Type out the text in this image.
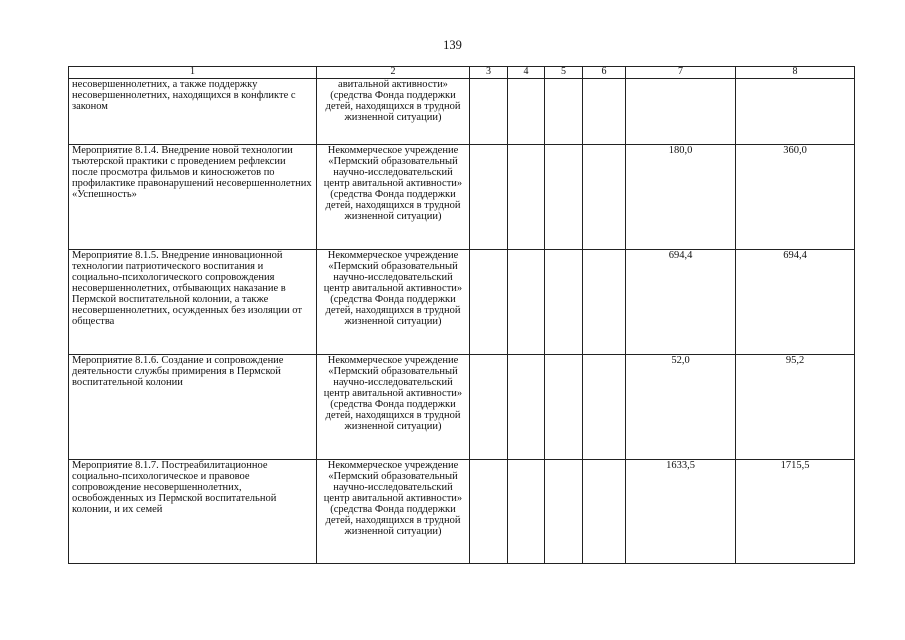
139
1	2	3	4	5	6	7	8
несовершеннолетних, а также поддержку несовершеннолетних, находящихся в конфликте с законом	авитальной активности» (средства Фонда поддержки детей, находящихся в трудной жизненной ситуации)						
Мероприятие 8.1.4. Внедрение новой технологии тьютерской практики с проведением рефлексии после просмотра фильмов и киносюжетов по профилактике правонарушений несовершеннолетних «Успешность»	Некоммерческое учреждение «Пермский образовательный научно-исследовательский центр авитальной активности» (средства Фонда поддержки детей, находящихся в трудной жизненной ситуации)					180,0	360,0
Мероприятие 8.1.5. Внедрение инновационной технологии патриотического воспитания и социально-психологического сопровождения несовершеннолетних, отбывающих наказание в Пермской воспитательной колонии, а также несовершеннолетних, осужденных без изоляции от общества	Некоммерческое учреждение «Пермский образовательный научно-исследовательский центр авитальной активности» (средства Фонда поддержки детей, находящихся в трудной жизненной ситуации)					694,4	694,4
Мероприятие 8.1.6. Создание и сопровождение деятельности службы примирения в Пермской воспитательной колонии	Некоммерческое учреждение «Пермский образовательный научно-исследовательский центр авитальной активности» (средства Фонда поддержки детей, находящихся в трудной жизненной ситуации)					52,0	95,2
Мероприятие 8.1.7. Постреабилитационное социально-психологическое и правовое сопровождение несовершеннолетних, освобожденных из Пермской воспитательной колонии, и их семей	Некоммерческое учреждение «Пермский образовательный научно-исследовательский центр авитальной активности» (средства Фонда поддержки детей, находящихся в трудной жизненной ситуации)					1633,5	1715,5
